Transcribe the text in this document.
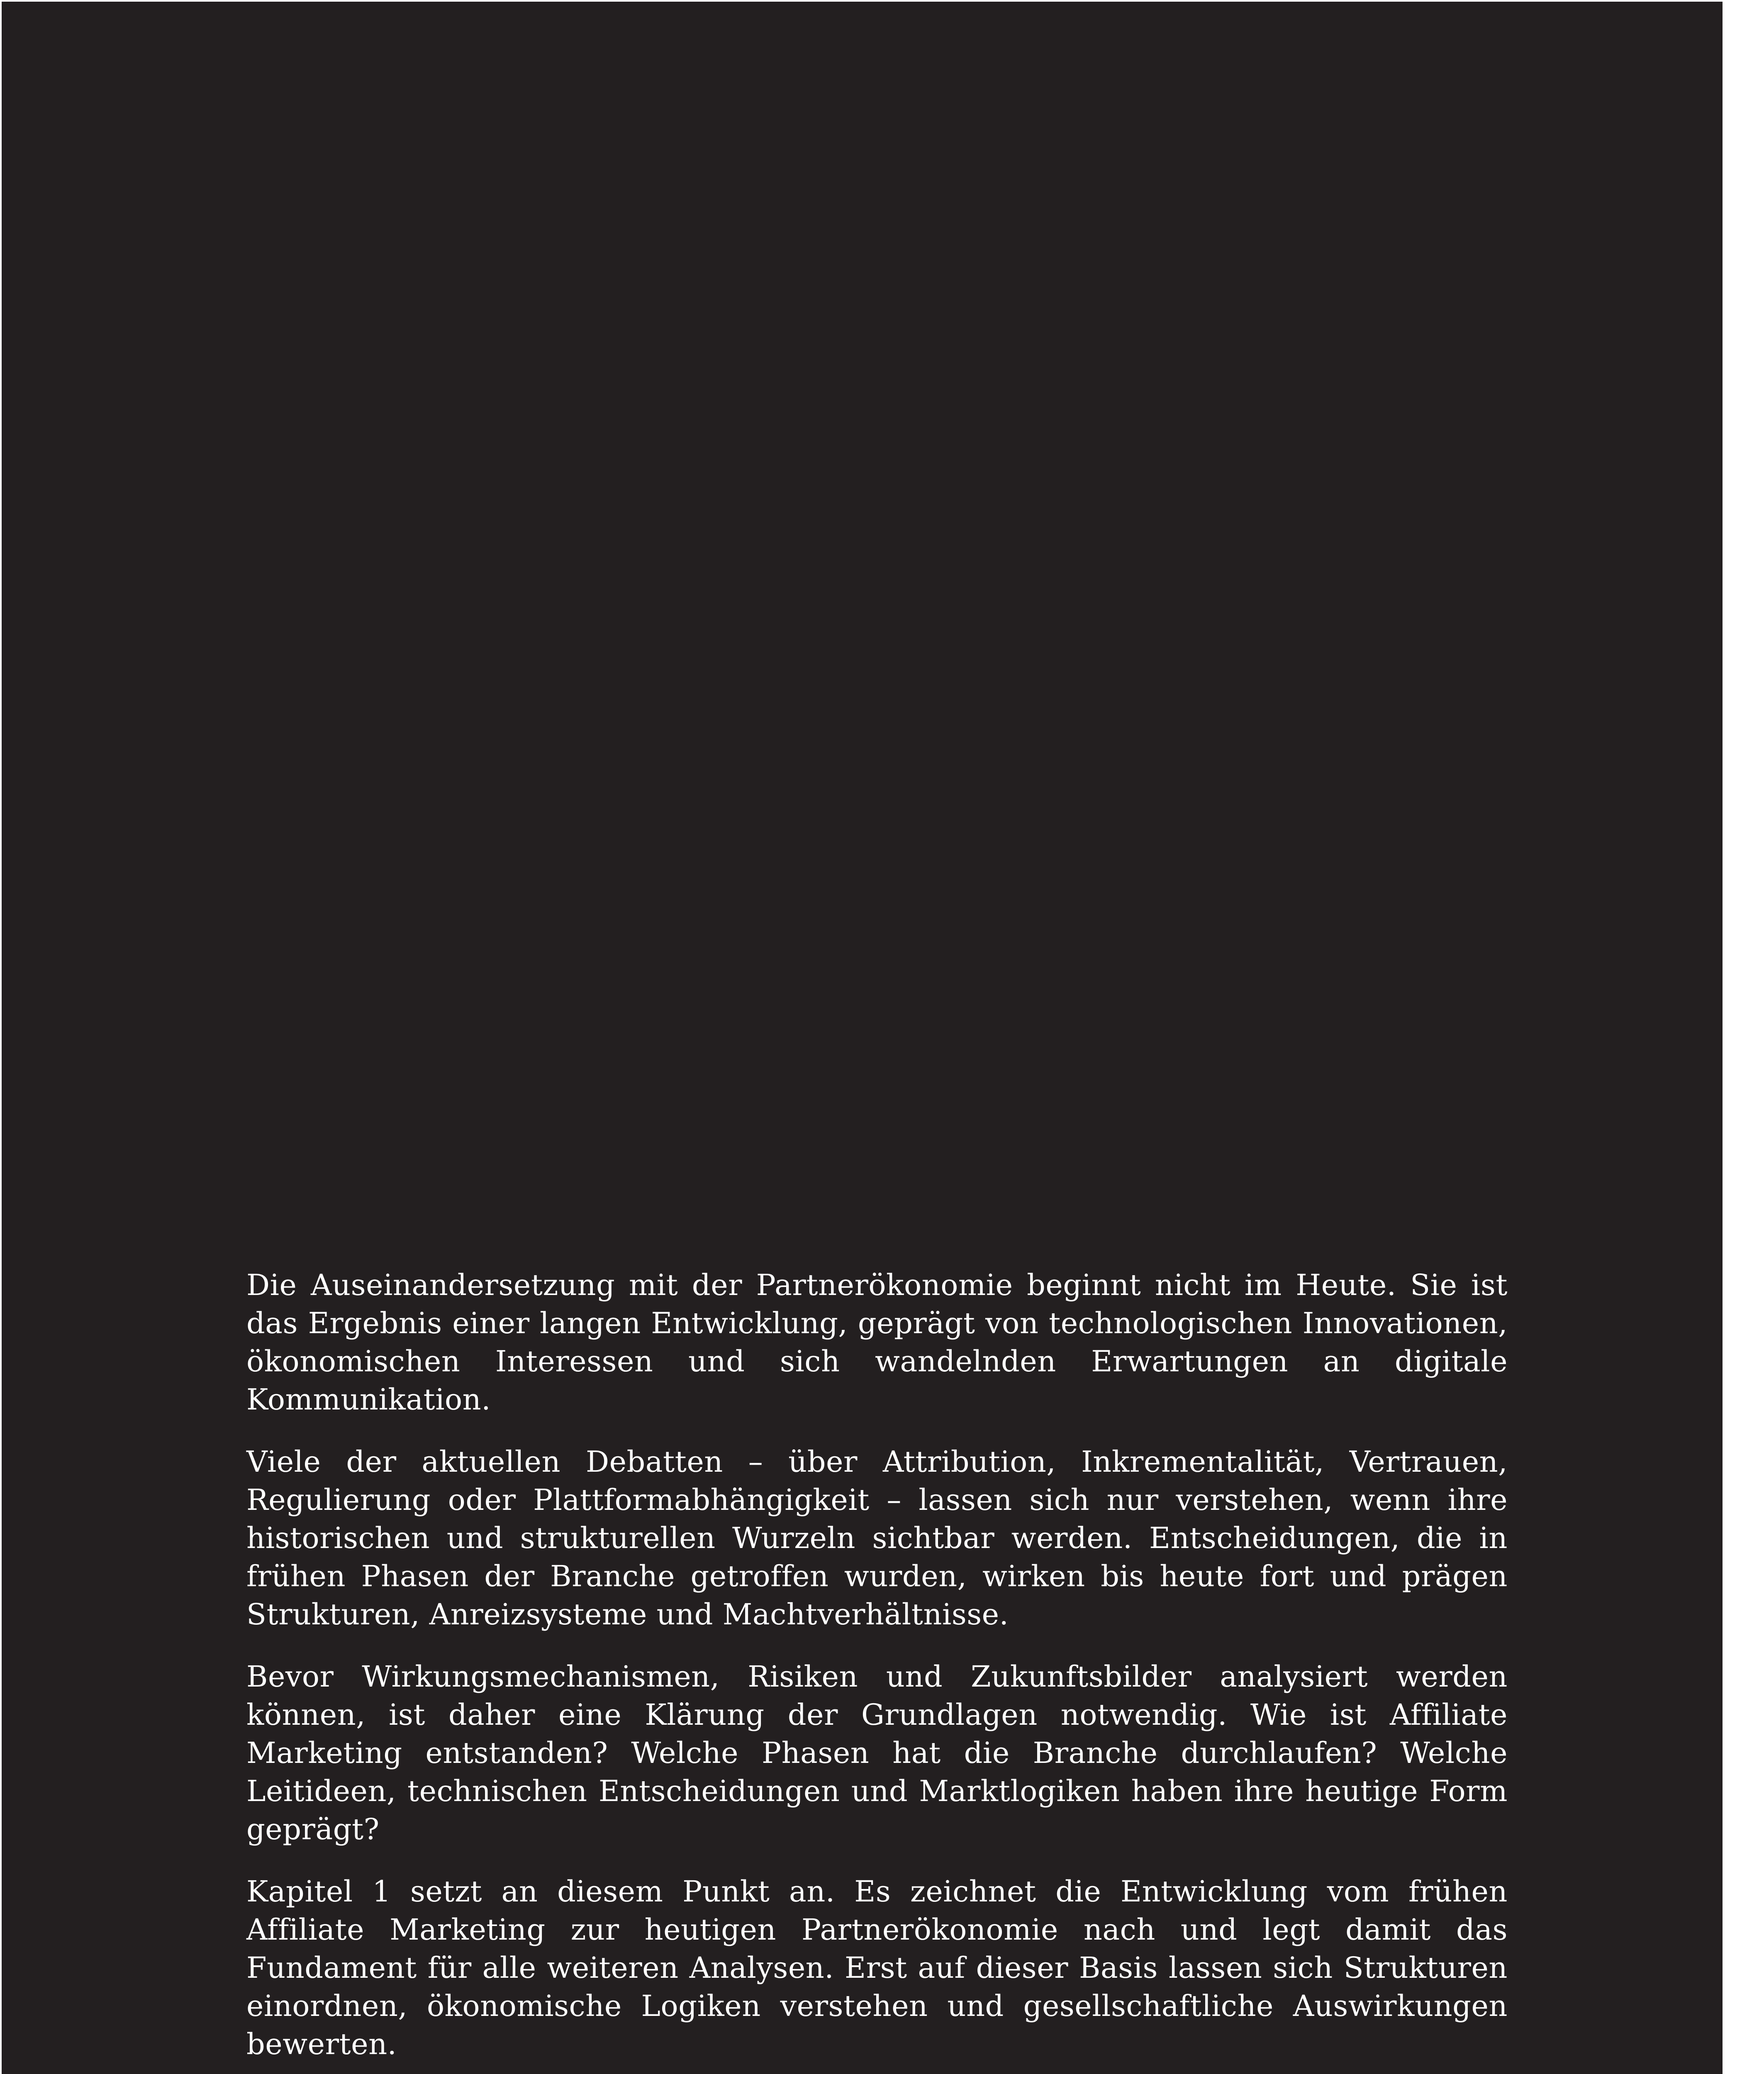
Die Auseinandersetzung mit der Partnerökonomie beginnt nicht im Heute. Sie ist das Ergebnis einer langen Entwicklung, geprägt von technologischen Innovationen, ökonomischen Interessen und sich wandelnden Erwartungen an digitale Kommunikation.

Viele der aktuellen Debatten – über Attribution, Inkrementalität, Vertrauen, Regulierung oder Plattformabhängigkeit – lassen sich nur verstehen, wenn ihre historischen und strukturellen Wurzeln sichtbar werden. Entscheidungen, die in frühen Phasen der Branche getroffen wurden, wirken bis heute fort und prägen Strukturen, Anreizsysteme und Machtverhältnisse.

Bevor Wirkungsmechanismen, Risiken und Zukunftsbilder analysiert werden können, ist daher eine Klärung der Grundlagen notwendig. Wie ist Affiliate Marketing entstanden? Welche Phasen hat die Branche durchlaufen? Welche Leitideen, technischen Entscheidungen und Marktlogiken haben ihre heutige Form geprägt?

Kapitel 1 setzt an diesem Punkt an. Es zeichnet die Entwicklung vom frühen Affiliate Marketing zur heutigen Partnerökonomie nach und legt damit das Fundament für alle weiteren Analysen. Erst auf dieser Basis lassen sich Strukturen einordnen, ökonomische Logiken verstehen und gesellschaftliche Auswirkungen bewerten.
